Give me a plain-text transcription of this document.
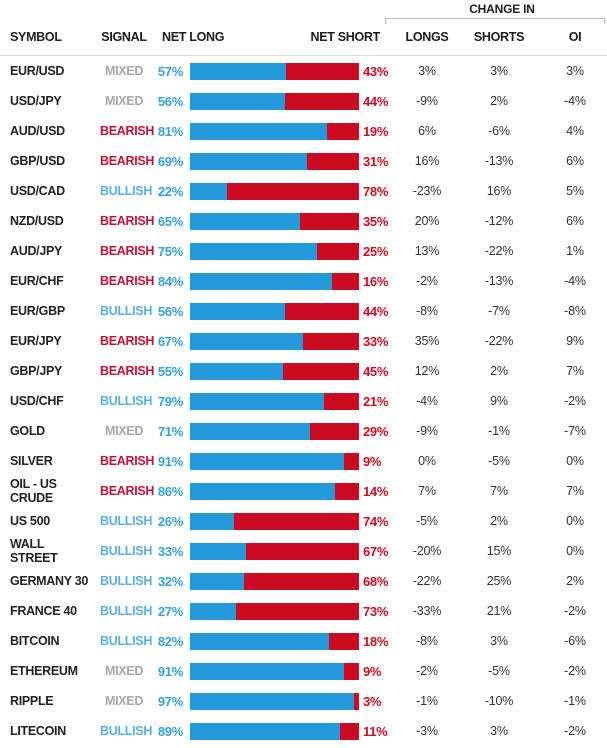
CHANGE IN
SYMBOL	SIGNAL NET LONG	NET SHORT	LONGS	SHORTS	OI
EUR/USD	MIXED	57%	43%	3%	3%	3%
USD/JPY	MIXED	56%	44%	-9%	2%	-4%
AUD/USD	BEARISH 81%	19%	6%	-6%	4%
GBP/USD	BEARISH 69%	31%	16%	-13%	6%
USD/CAD	BULLISH 22%	78%	-23%	16%	5%
NZD/USD	BEARISH 65%	35%	20%	-12%	6%
AUD/JPY	BEARISH 75%	25%	13%	-22%	1%
EUR/CHF	BEARISH 84%	16%	-2%	-13%	-4%
EUR/GBP	BULLISH 56%	44%	-8%	-7%	-8%
EUR/JPY	BEARISH 67%	33%	35%	-22%	9%
GBP/JPY	BEARISH 55%	45%	12%	2%	7%
USD/CHF	BULLISH 79%	21%	-4%	9%	-2%
GOLD	MIXED	71%	29%	-9%	-1%	-7%
SILVER	BEARISH 91%	9%	0%	-5%	0%
OIL - US CRUDE	BEARISH 86%	14%	7%	7%	7%
US 500	BULLISH 26%	74%	-5%	2%	0%
WALL STREET	BULLISH 33%	67%	-20%	15%	0%
GERMANY 30 BULLISH 32%	68%	-22%	25%	2%
FRANCE 40	BULLISH 27%	73%	-33%	21%	-2%
BITCOIN	BULLISH 82%	18%	-8%	3%	-6%
ETHEREUM	MIXED	91%	9%	-2%	-5%	-2%
RIPPLE	MIXED	97%	3%	-1%	-10%	-1%
LITECOIN	BULLISH 89%	11%	-3%	3%	-2%
